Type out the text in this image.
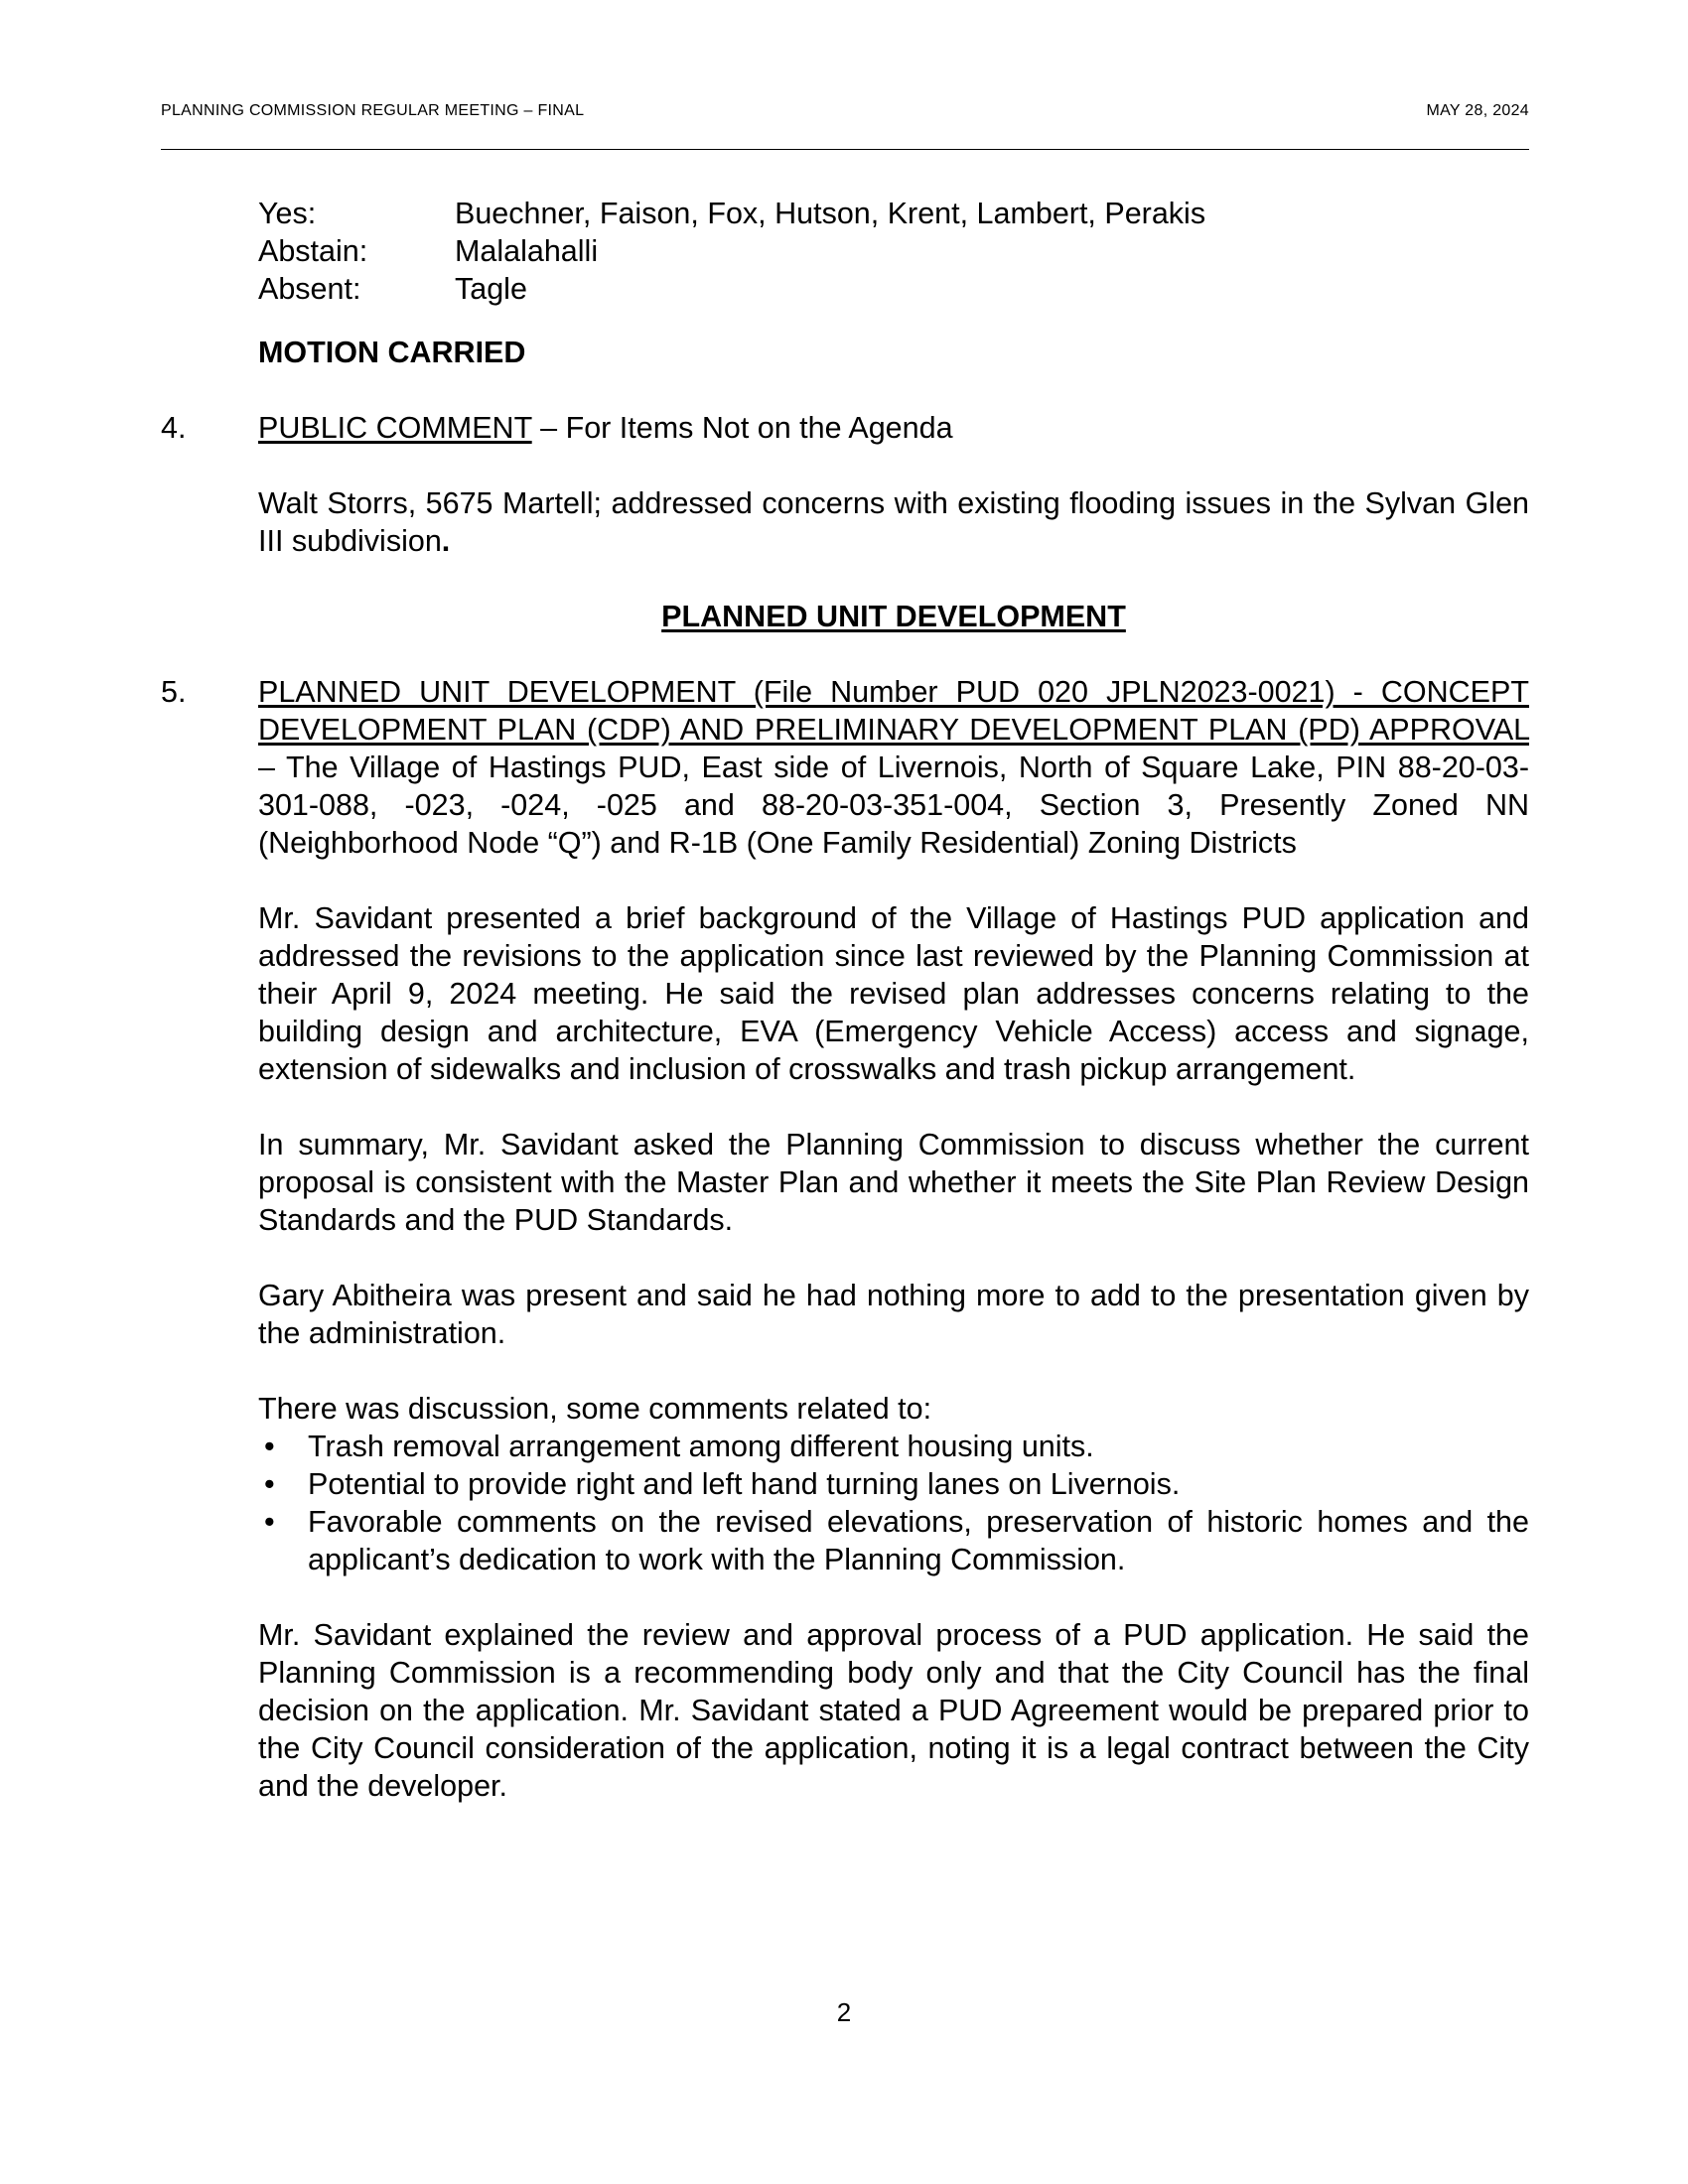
PLANNING COMMISSION REGULAR MEETING – FINAL	MAY 28, 2024
Yes:	Buechner, Faison, Fox, Hutson, Krent, Lambert, Perakis
Abstain:	Malalahalli
Absent:	Tagle
MOTION CARRIED
4. PUBLIC COMMENT – For Items Not on the Agenda
Walt Storrs, 5675 Martell; addressed concerns with existing flooding issues in the Sylvan Glen III subdivision.
PLANNED UNIT DEVELOPMENT
5. PLANNED UNIT DEVELOPMENT (File Number PUD 020 JPLN2023-0021) - CONCEPT DEVELOPMENT PLAN (CDP) AND PRELIMINARY DEVELOPMENT PLAN (PD) APPROVAL – The Village of Hastings PUD, East side of Livernois, North of Square Lake, PIN 88-20-03-301-088, -023, -024, -025 and 88-20-03-351-004, Section 3, Presently Zoned NN (Neighborhood Node “Q”) and R-1B (One Family Residential) Zoning Districts
Mr. Savidant presented a brief background of the Village of Hastings PUD application and addressed the revisions to the application since last reviewed by the Planning Commission at their April 9, 2024 meeting. He said the revised plan addresses concerns relating to the building design and architecture, EVA (Emergency Vehicle Access) access and signage, extension of sidewalks and inclusion of crosswalks and trash pickup arrangement.
In summary, Mr. Savidant asked the Planning Commission to discuss whether the current proposal is consistent with the Master Plan and whether it meets the Site Plan Review Design Standards and the PUD Standards.
Gary Abitheira was present and said he had nothing more to add to the presentation given by the administration.
There was discussion, some comments related to:
• Trash removal arrangement among different housing units.
• Potential to provide right and left hand turning lanes on Livernois.
• Favorable comments on the revised elevations, preservation of historic homes and the applicant’s dedication to work with the Planning Commission.
Mr. Savidant explained the review and approval process of a PUD application. He said the Planning Commission is a recommending body only and that the City Council has the final decision on the application. Mr. Savidant stated a PUD Agreement would be prepared prior to the City Council consideration of the application, noting it is a legal contract between the City and the developer.
2
